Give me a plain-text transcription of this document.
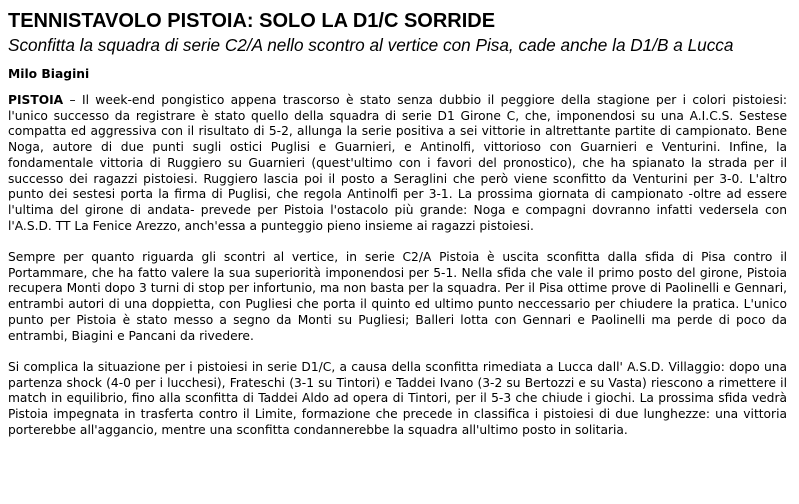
TENNISTAVOLO PISTOIA: SOLO LA D1/C SORRIDE

Sconfitta la squadra di serie C2/A nello scontro al vertice con Pisa, cade anche la D1/B a Lucca

Milo Biagini

PISTOIA – Il week-end pongistico appena trascorso è stato senza dubbio il peggiore della stagione per i colori pistoiesi: l'unico successo da registrare è stato quello della squadra di serie D1 Girone C, che, imponendosi su una A.I.C.S. Sestese compatta ed aggressiva con il risultato di 5-2, allunga la serie positiva a sei vittorie in altrettante partite di campionato. Bene Noga, autore di due punti sugli ostici Puglisi e Guarnieri, e Antinolfi, vittorioso con Guarnieri e Venturini. Infine, la fondamentale vittoria di Ruggiero su Guarnieri (quest'ultimo con i favori del pronostico), che ha spianato la strada per il successo dei ragazzi pistoiesi. Ruggiero lascia poi il posto a Seraglini che però viene sconfitto da Venturini per 3-0. L'altro punto dei sestesi porta la firma di Puglisi, che regola Antinolfi per 3-1. La prossima giornata di campionato -oltre ad essere l'ultima del girone di andata- prevede per Pistoia l'ostacolo più grande: Noga e compagni dovranno infatti vedersela con l'A.S.D. TT La Fenice Arezzo, anch'essa a punteggio pieno insieme ai ragazzi pistoiesi.

Sempre per quanto riguarda gli scontri al vertice, in serie C2/A Pistoia è uscita sconfitta dalla sfida di Pisa contro il Portammare, che ha fatto valere la sua superiorità imponendosi per 5-1. Nella sfida che vale il primo posto del girone, Pistoia recupera Monti dopo 3 turni di stop per infortunio, ma non basta per la squadra. Per il Pisa ottime prove di Paolinelli e Gennari, entrambi autori di una doppietta, con Pugliesi che porta il quinto ed ultimo punto neccessario per chiudere la pratica. L'unico punto per Pistoia è stato messo a segno da Monti su Pugliesi; Balleri lotta con Gennari e Paolinelli ma perde di poco da entrambi, Biagini e Pancani da rivedere.

Si complica la situazione per i pistoiesi in serie D1/C, a causa della sconfitta rimediata a Lucca dall' A.S.D. Villaggio: dopo una partenza shock (4-0 per i lucchesi), Frateschi (3-1 su Tintori) e Taddei Ivano (3-2 su Bertozzi e su Vasta) riescono a rimettere il match in equilibrio, fino alla sconfitta di Taddei Aldo ad opera di Tintori, per il 5-3 che chiude i giochi. La prossima sfida vedrà Pistoia impegnata in trasferta contro il Limite, formazione che precede in classifica i pistoiesi di due lunghezze: una vittoria porterebbe all'aggancio, mentre una sconfitta condannerebbe la squadra all'ultimo posto in solitaria.
